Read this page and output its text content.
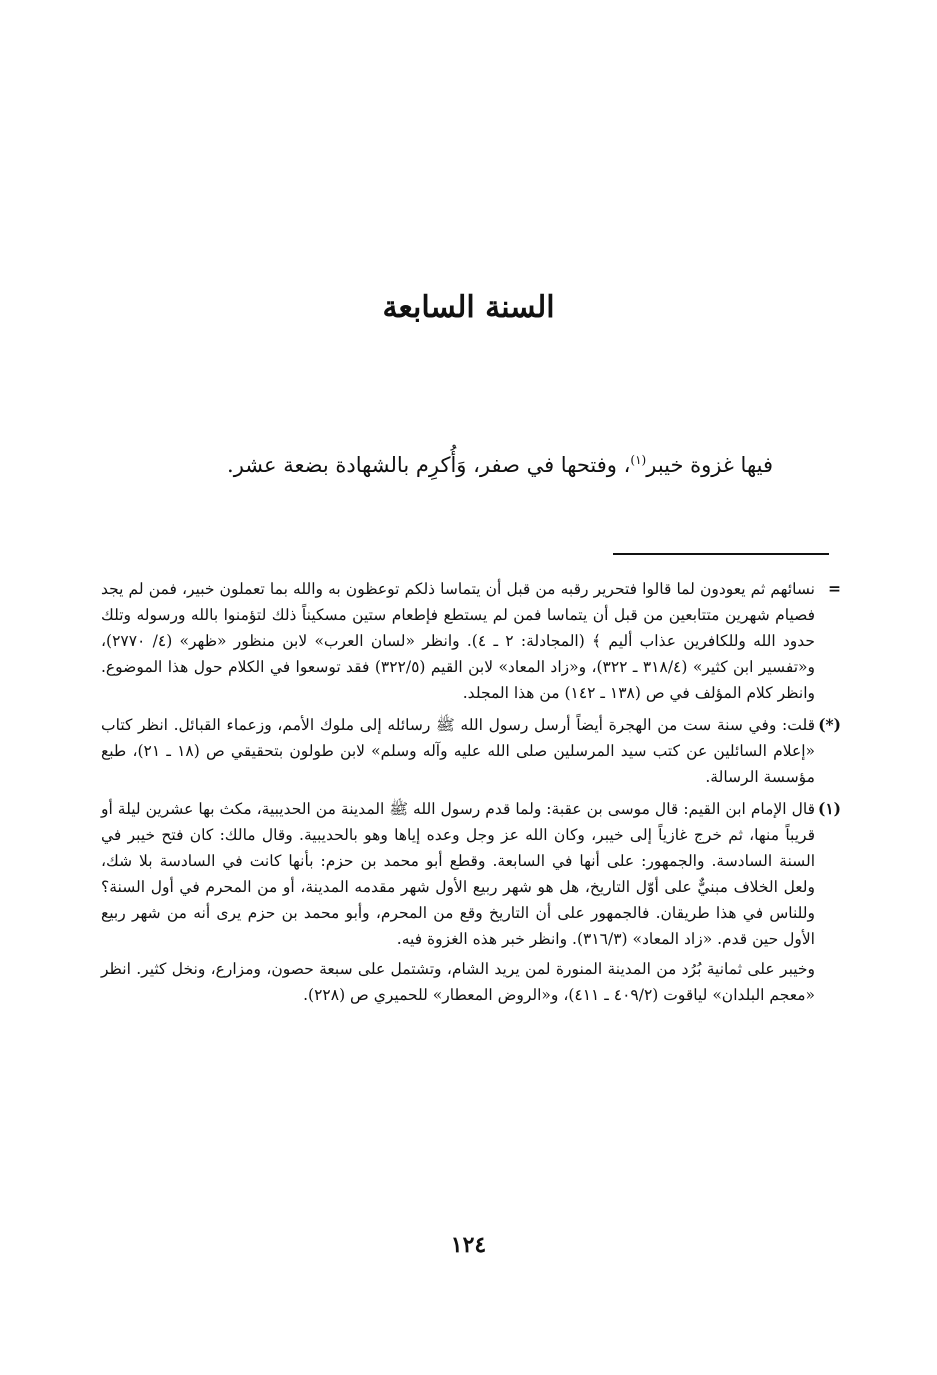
السنة السابعة
فيها غزوة خيبر$^{(١)}$، وفتحها في صفر، وَأُكرِم بالشهادة بضعة عشر.
=

نسائهم ثم يعودون لما قالوا فتحرير رقبه من قبل أن يتماسا ذلكم توعظون به والله بما تعملون خبير، فمن لم يجد فصيام شهرين متتابعين من قبل أن يتماسا فمن لم يستطع فإطعام ستين مسكيناً ذلك لتؤمنوا بالله ورسوله وتلك حدود الله وللكافرين عذاب أليم ﴾ (المجادلة: ٢ ـ ٤). وانظر «لسان العرب» لابن منظور «ظهر» (٤/ ٢٧٧٠)، و«تفسير ابن كثير» (٣١٨/٤ ـ ٣٢٢)، و«زاد المعاد» لابن القيم (٣٢٢/٥) فقد توسعوا في الكلام حول هذا الموضوع. وانظر كلام المؤلف في ص (١٣٨ ـ ١٤٢) من هذا المجلد.

(*)

قلت: وفي سنة ست من الهجرة أيضاً أرسل رسول الله ﷺ رسائله إلى ملوك الأمم، وزعماء القبائل. انظر كتاب «إعلام السائلين عن كتب سيد المرسلين صلى الله عليه وآله وسلم» لابن طولون بتحقيقي ص (١٨ ـ ٢١)، طبع مؤسسة الرسالة.

(١)

قال الإمام ابن القيم: قال موسى بن عقبة: ولما قدم رسول الله ﷺ المدينة من الحديبية، مكث بها عشرين ليلة أو قريباً منها، ثم خرج غازياً إلى خيبر، وكان الله عز وجل وعده إياها وهو بالحديبية. وقال مالك: كان فتح خيبر في السنة السادسة. والجمهور: على أنها في السابعة. وقطع أبو محمد بن حزم: بأنها كانت في السادسة بلا شك، ولعل الخلاف مبنيٌّ على أوّل التاريخ، هل هو شهر ربيع الأول شهر مقدمه المدينة، أو من المحرم في أول السنة؟ وللناس في هذا طريقان. فالجمهور على أن التاريخ وقع من المحرم، وأبو محمد بن حزم يرى أنه من شهر ربيع الأول حين قدم. «زاد المعاد» (٣١٦/٣). وانظر خبر هذه الغزوة فيه.

وخيبر على ثمانية بُرُد من المدينة المنورة لمن يريد الشام، وتشتمل على سبعة حصون، ومزارع، ونخل كثير. انظر «معجم البلدان» لياقوت (٤٠٩/٢ ـ ٤١١)، و«الروض المعطار» للحميري ص (٢٢٨).

١٢٤
